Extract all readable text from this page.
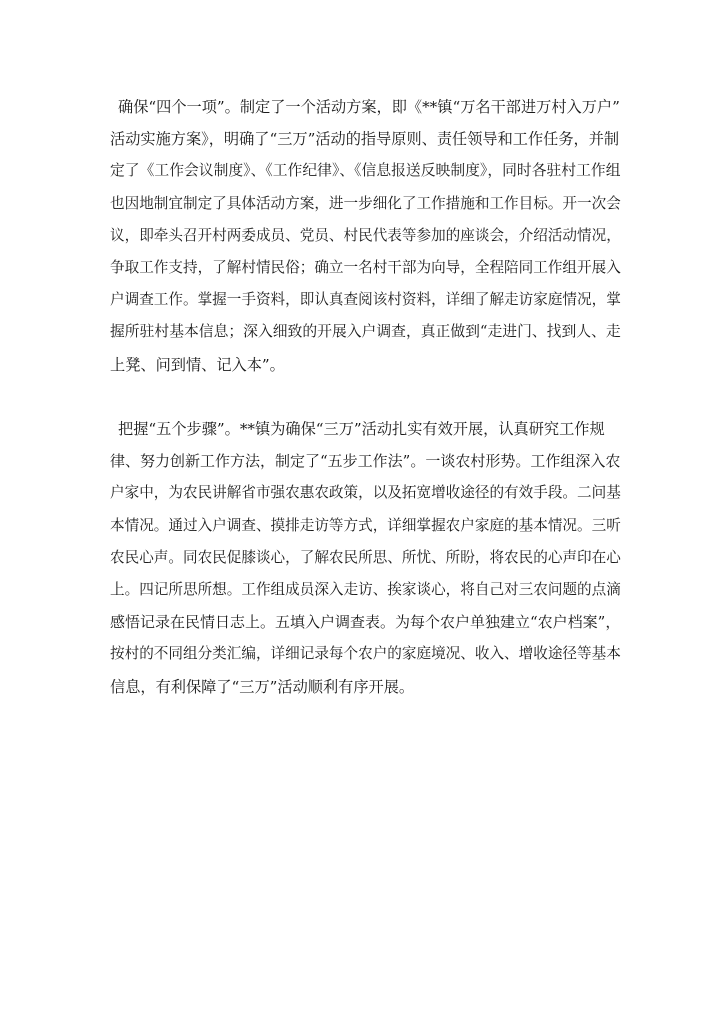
确保“四个一项”。制定了一个活动方案，即《**镇“万名干部进万村入万户”
活动实施方案》，明确了“三万”活动的指导原则、责任领导和工作任务，并制
定了《工作会议制度》、《工作纪律》、《信息报送反映制度》，同时各驻村工作组
也因地制宜制定了具体活动方案，进一步细化了工作措施和工作目标。开一次会
议，即牵头召开村两委成员、党员、村民代表等参加的座谈会，介绍活动情况，
争取工作支持，了解村情民俗；确立一名村干部为向导，全程陪同工作组开展入
户调查工作。掌握一手资料，即认真查阅该村资料，详细了解走访家庭情况，掌
握所驻村基本信息；深入细致的开展入户调查，真正做到“走进门、找到人、走
上凳、问到情、记入本”。

把握“五个步骤”。**镇为确保“三万”活动扎实有效开展，认真研究工作规
律、努力创新工作方法，制定了“五步工作法”。一谈农村形势。工作组深入农
户家中，为农民讲解省市强农惠农政策，以及拓宽增收途径的有效手段。二问基
本情况。通过入户调查、摸排走访等方式，详细掌握农户家庭的基本情况。三听
农民心声。同农民促膝谈心，了解农民所思、所忧、所盼，将农民的心声印在心
上。四记所思所想。工作组成员深入走访、挨家谈心，将自己对三农问题的点滴
感悟记录在民情日志上。五填入户调查表。为每个农户单独建立“农户档案”，
按村的不同组分类汇编，详细记录每个农户的家庭境况、收入、增收途径等基本
信息，有利保障了“三万”活动顺利有序开展。
